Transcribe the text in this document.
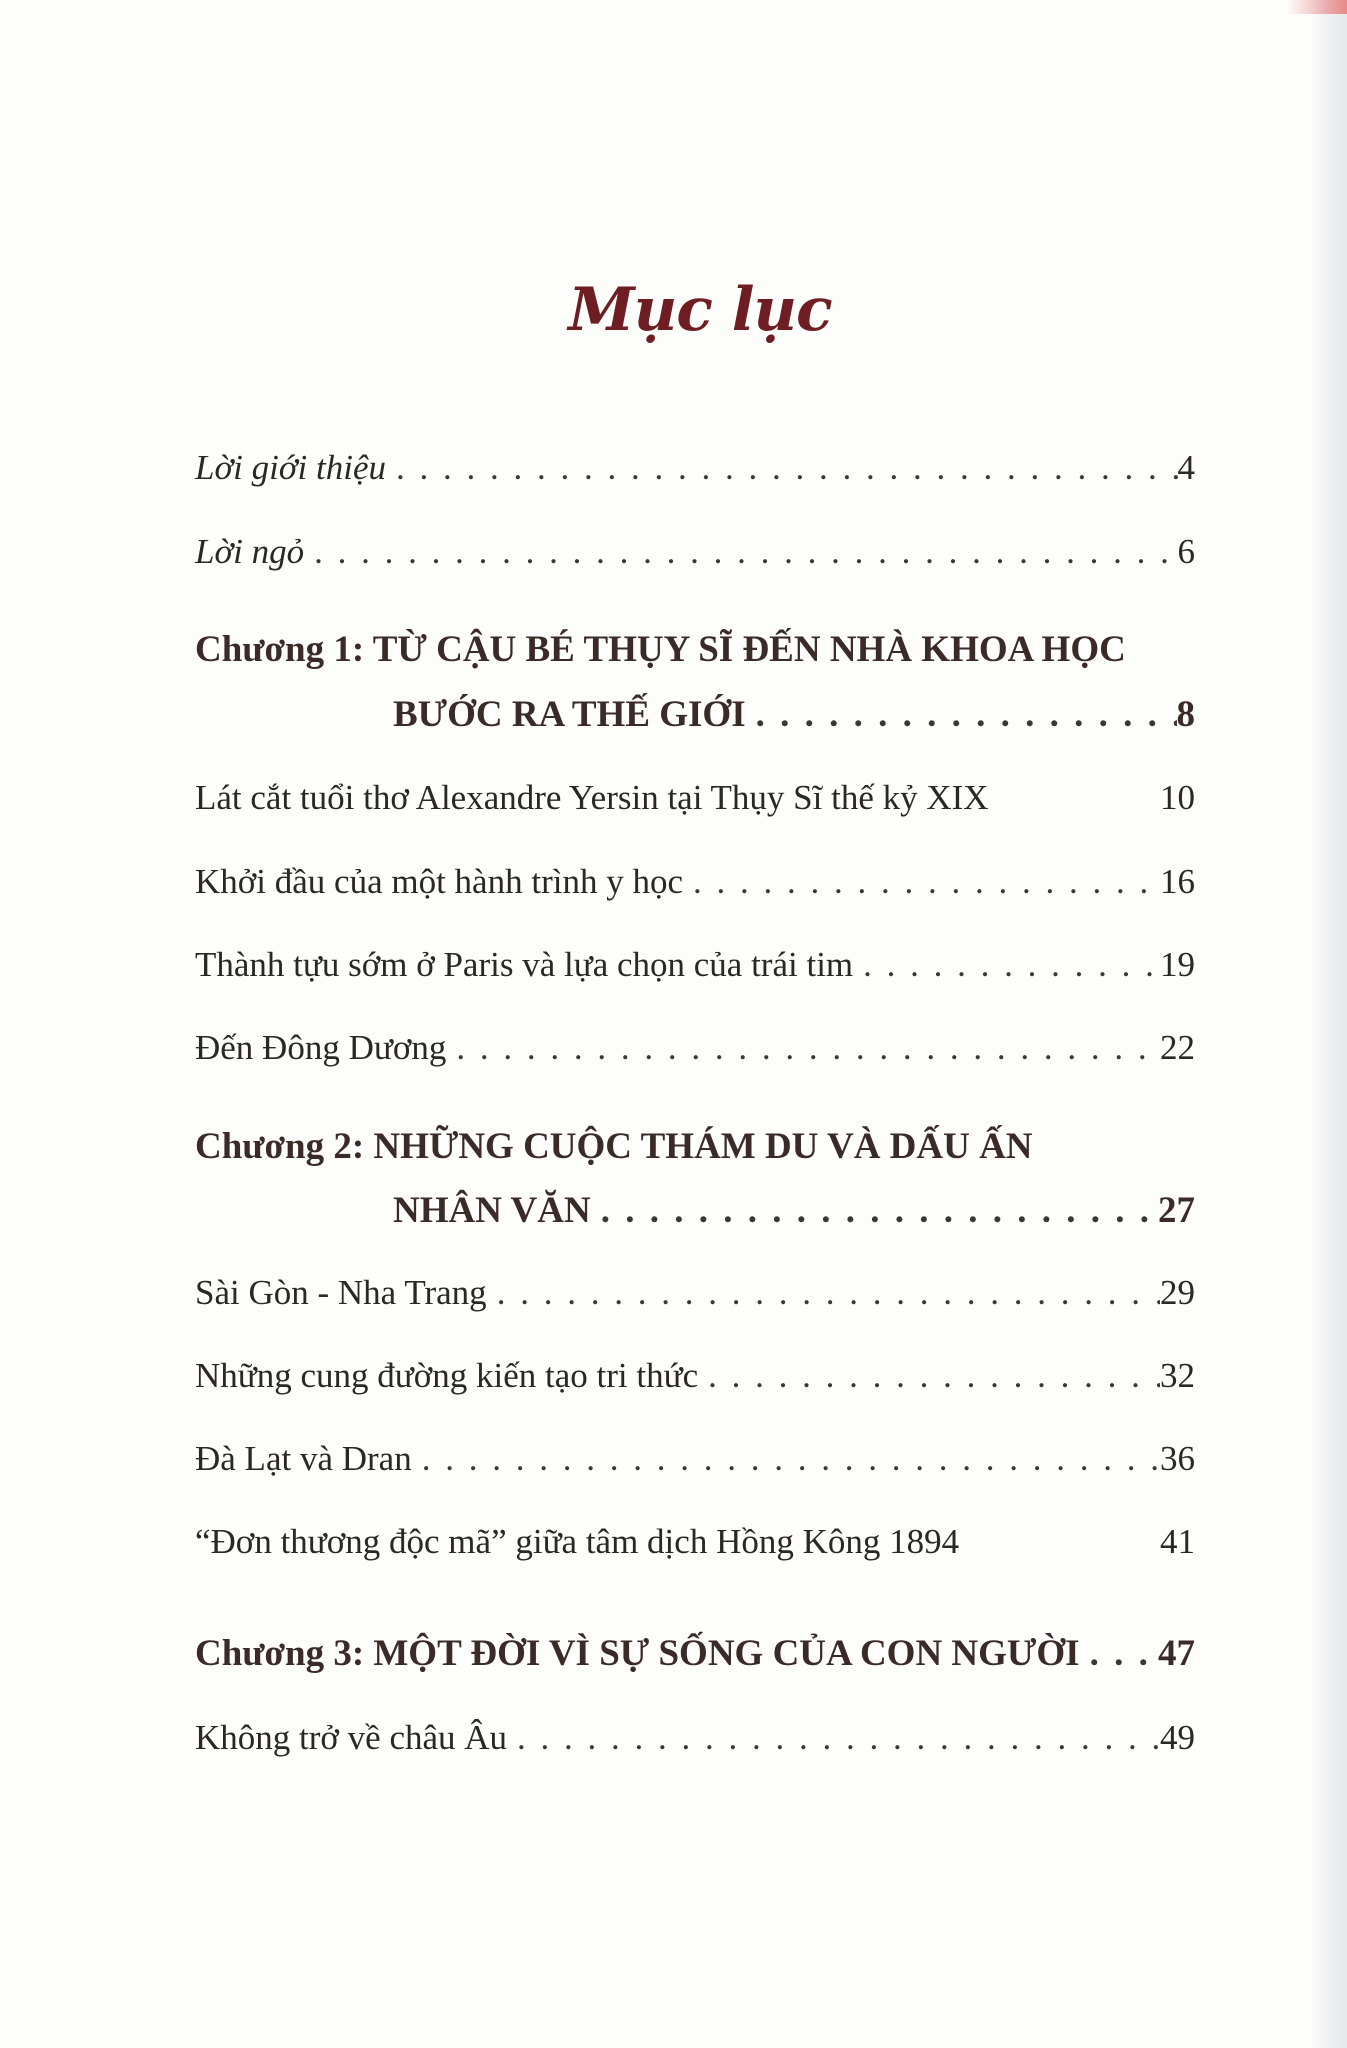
Mục lục
Lời giới thiệu . . .	4
Lời ngỏ . . .	6
Chương 1: TỪ CẬU BÉ THỤY SĨ ĐẾN NHÀ KHOA HỌC
BƯỚC RA THẾ GIỚI . . .	8
Lát cắt tuổi thơ Alexandre Yersin tại Thụy Sĩ thế kỷ XIX	10
Khởi đầu của một hành trình y học . . .	16
Thành tựu sớm ở Paris và lựa chọn của trái tim . . .	19
Đến Đông Dương . . .	22
Chương 2: NHỮNG CUỘC THÁM DU VÀ DẤU ẤN
NHÂN VĂN . . .	27
Sài Gòn - Nha Trang . . .	29
Những cung đường kiến tạo tri thức . . .	32
Đà Lạt và Dran . . .	36
“Đơn thương độc mã” giữa tâm dịch Hồng Kông 1894	41
Chương 3: MỘT ĐỜI VÌ SỰ SỐNG CỦA CON NGƯỜI . . . 47
Không trở về châu Âu . . .	49
